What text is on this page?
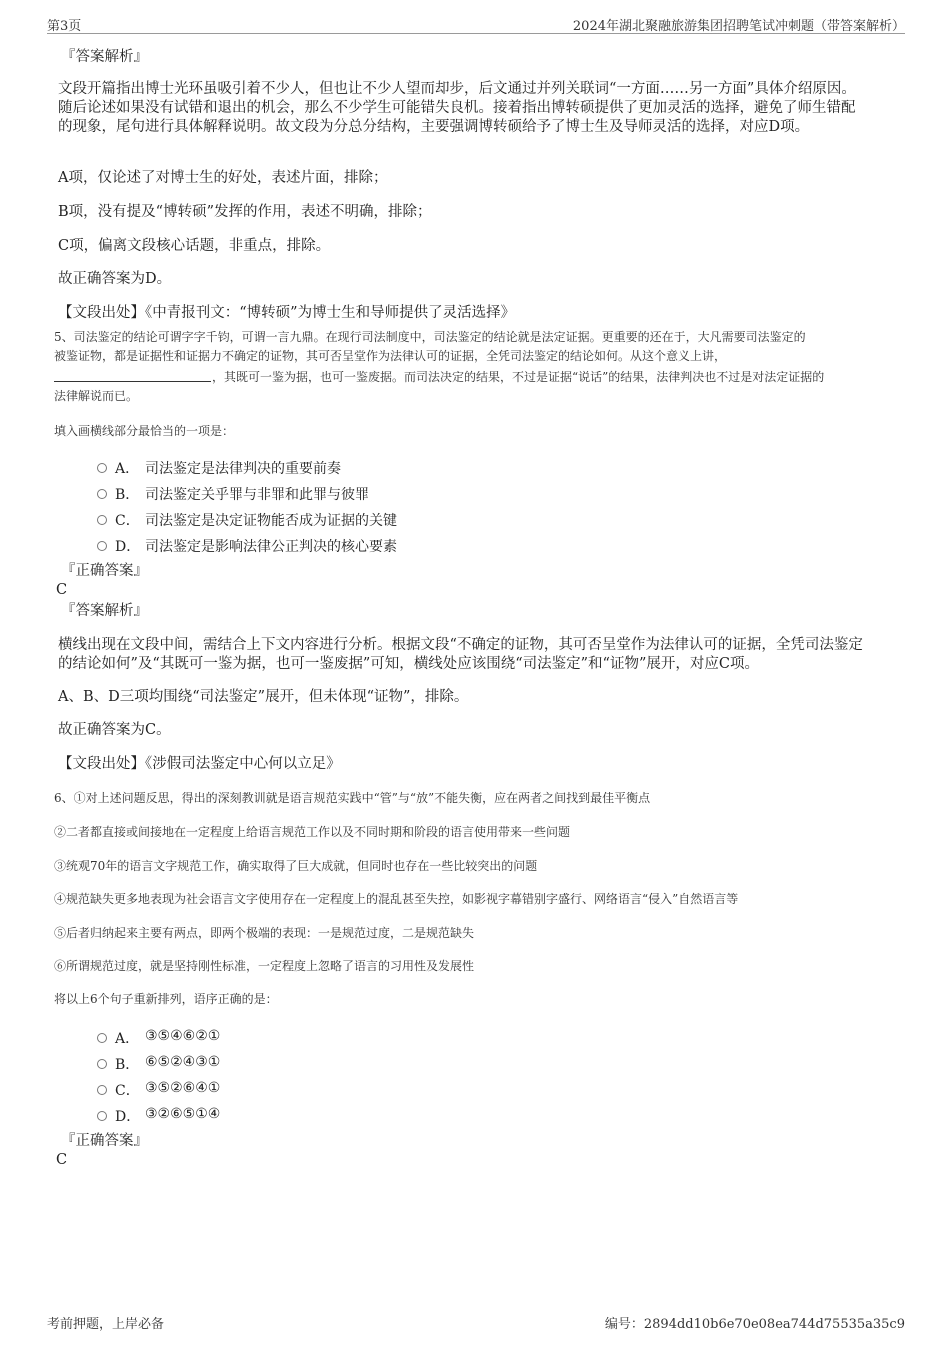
第3页	2024年湖北聚融旅游集团招聘笔试冲刺题（带答案解析）

『答案解析』

文段开篇指出博士光环虽吸引着不少人，但也让不少人望而却步，后文通过并列关联词“一方面……另一方面”具体介绍原因。随后论述如果没有试错和退出的机会，那么不少学生可能错失良机。接着指出博转硕提供了更加灵活的选择，避免了师生错配的现象，尾句进行具体解释说明。故文段为分总分结构，主要强调博转硕给予了博士生及导师灵活的选择，对应D项。

A项，仅论述了对博士生的好处，表述片面，排除；

B项，没有提及“博转硕”发挥的作用，表述不明确，排除；

C项，偏离文段核心话题，非重点，排除。

故正确答案为D。

【文段出处】《中青报刊文：“博转硕”为博士生和导师提供了灵活选择》

5、司法鉴定的结论可谓字字千钧，可谓一言九鼎。在现行司法制度中，司法鉴定的结论就是法定证据。更重要的还在于，大凡需要司法鉴定的

被鉴证物，都是证据性和证据力不确定的证物，其可否呈堂作为法律认可的证据，全凭司法鉴定的结论如何。从这个意义上讲，

，其既可一鉴为据，也可一鉴废据。而司法决定的结果，不过是证据“说话”的结果，法律判决也不过是对法定证据的

法律解说而已。

填入画横线部分最恰当的一项是：

A． 司法鉴定是法律判决的重要前奏
B． 司法鉴定关乎罪与非罪和此罪与彼罪
C． 司法鉴定是决定证物能否成为证据的关键
D． 司法鉴定是影响法律公正判决的核心要素

『正确答案』

C

『答案解析』

横线出现在文段中间，需结合上下文内容进行分析。根据文段“不确定的证物，其可否呈堂作为法律认可的证据，全凭司法鉴定的结论如何”及“其既可一鉴为据，也可一鉴废据”可知，横线处应该围绕“司法鉴定”和“证物”展开，对应C项。

A、B、D三项均围绕“司法鉴定”展开，但未体现“证物”，排除。

故正确答案为C。

【文段出处】《涉假司法鉴定中心何以立足》

6、①对上述问题反思，得出的深刻教训就是语言规范实践中“管”与“放”不能失衡，应在两者之间找到最佳平衡点

②二者都直接或间接地在一定程度上给语言规范工作以及不同时期和阶段的语言使用带来一些问题

③统观70年的语言文字规范工作，确实取得了巨大成就，但同时也存在一些比较突出的问题

④规范缺失更多地表现为社会语言文字使用存在一定程度上的混乱甚至失控，如影视字幕错别字盛行、网络语言“侵入”自然语言等

⑤后者归纳起来主要有两点，即两个极端的表现：一是规范过度，二是规范缺失

⑥所谓规范过度，就是坚持刚性标准，一定程度上忽略了语言的习用性及发展性

将以上6个句子重新排列，语序正确的是：

A． ③⑤④⑥②①
B． ⑥⑤②④③①
C． ③⑤②⑥④①
D． ③②⑥⑤①④

『正确答案』

C

考前押题，上岸必备	编号：2894dd10b6e70e08ea744d75535a35c9
